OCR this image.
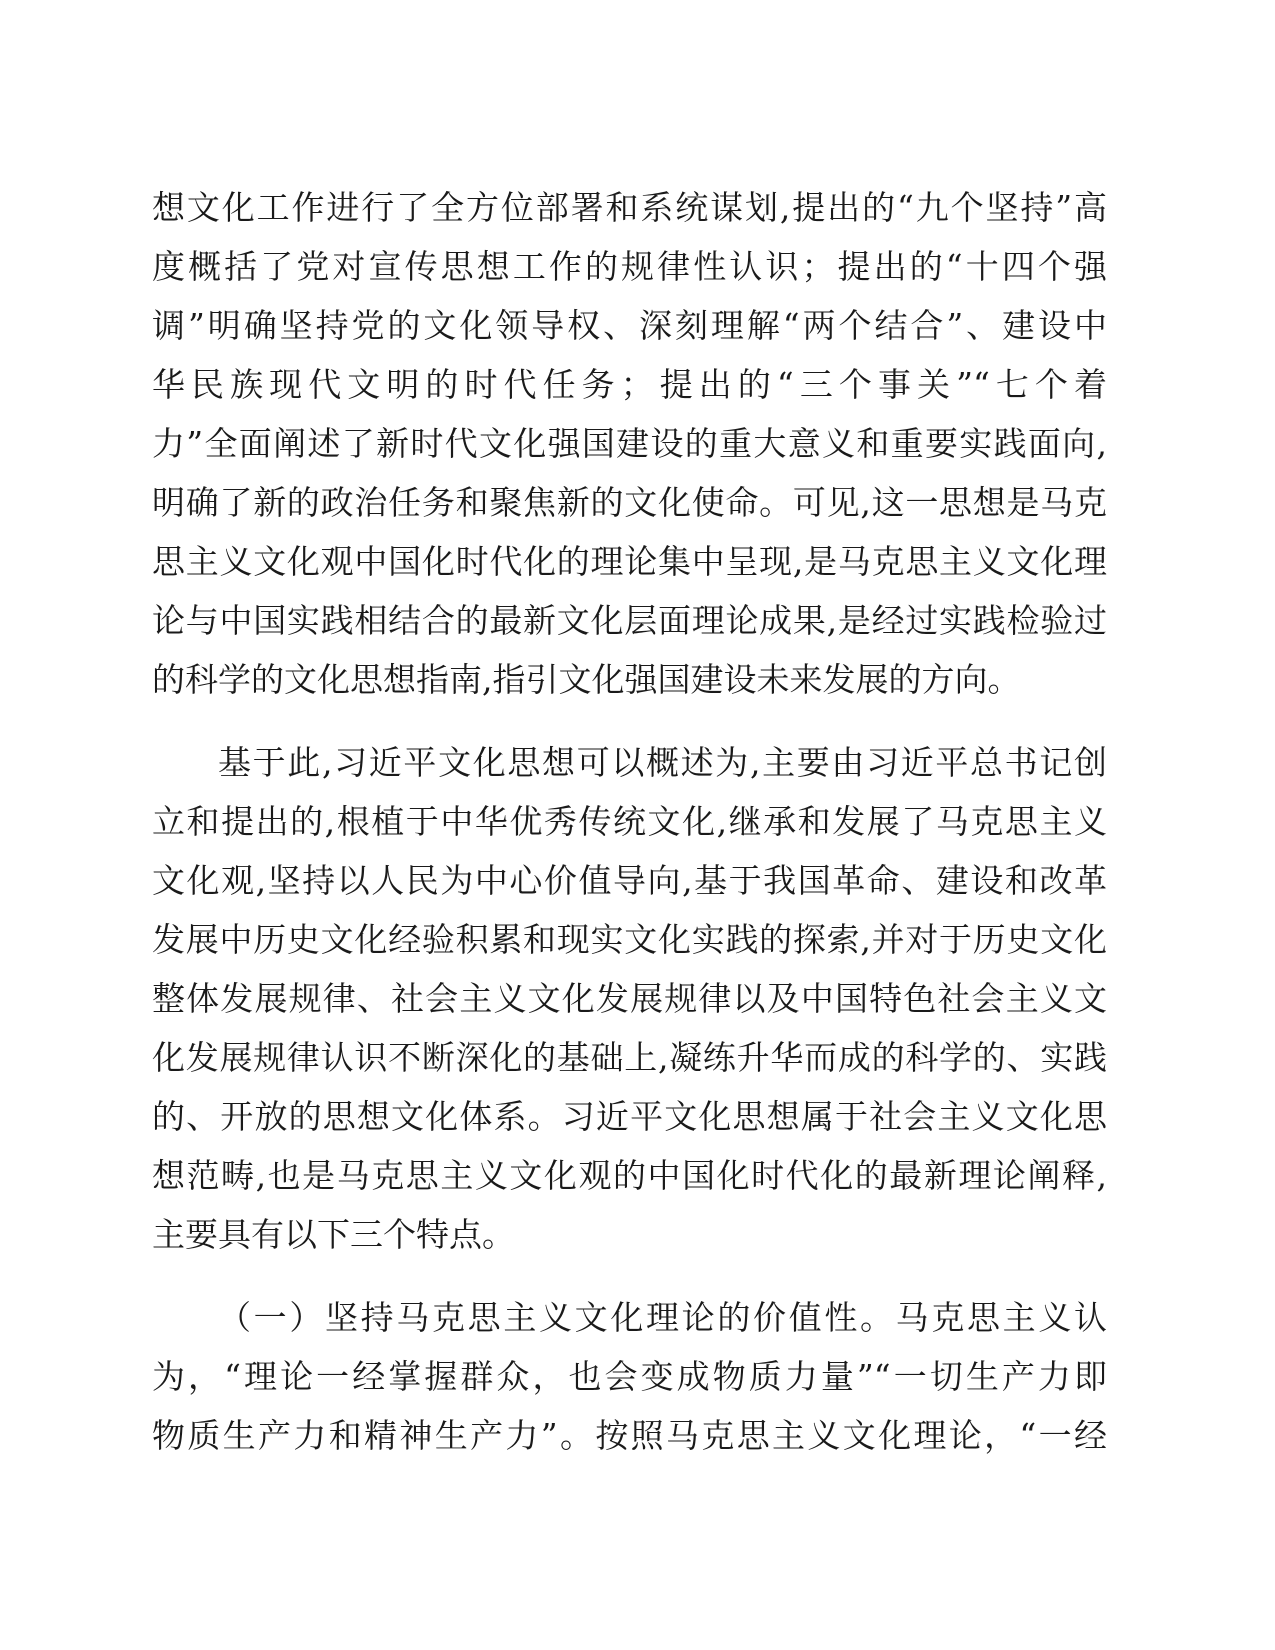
想文化工作进行了全方位部署和系统谋划,提出的“九个坚持”高
度概括了党对宣传思想工作的规律性认识；提出的“十四个强
调”明确坚持党的文化领导权、深刻理解“两个结合”、建设中
华民族现代文明的时代任务；提出的“三个事关”“七个着
力”全面阐述了新时代文化强国建设的重大意义和重要实践面向,
明确了新的政治任务和聚焦新的文化使命。可见,这一思想是马克
思主义文化观中国化时代化的理论集中呈现,是马克思主义文化理
论与中国实践相结合的最新文化层面理论成果,是经过实践检验过
的科学的文化思想指南,指引文化强国建设未来发展的方向。
基于此,习近平文化思想可以概述为,主要由习近平总书记创
立和提出的,根植于中华优秀传统文化,继承和发展了马克思主义
文化观,坚持以人民为中心价值导向,基于我国革命、建设和改革
发展中历史文化经验积累和现实文化实践的探索,并对于历史文化
整体发展规律、社会主义文化发展规律以及中国特色社会主义文
化发展规律认识不断深化的基础上,凝练升华而成的科学的、实践
的、开放的思想文化体系。习近平文化思想属于社会主义文化思
想范畴,也是马克思主义文化观的中国化时代化的最新理论阐释,
主要具有以下三个特点。
（一）坚持马克思主义文化理论的价值性。马克思主义认
为，“理论一经掌握群众，也会变成物质力量”“一切生产力即
物质生产力和精神生产力”。按照马克思主义文化理论，“一经
